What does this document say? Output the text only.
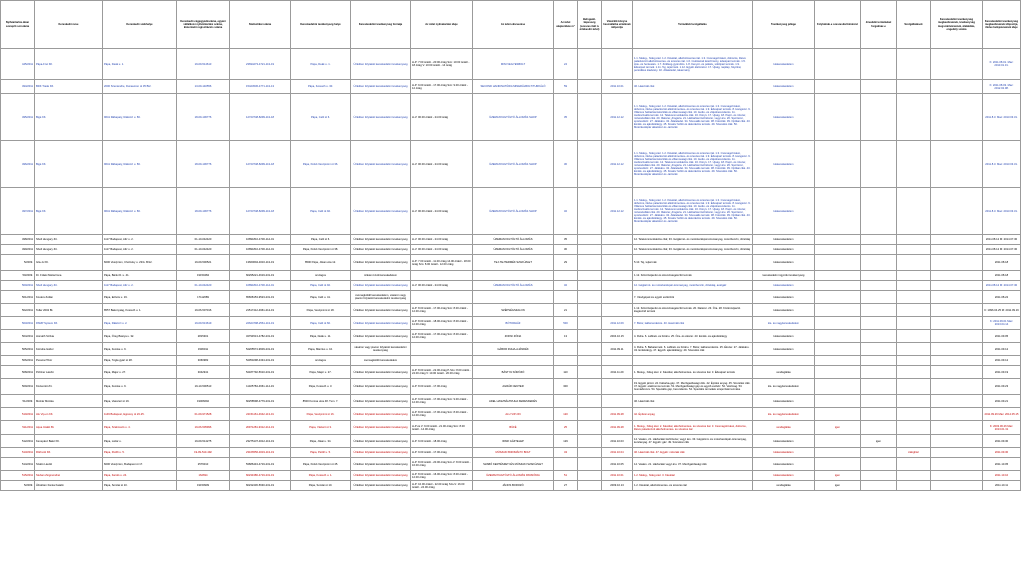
Nyilvántartás-ában szereplő sorszáma	Kereskedő neve	Kereskedő székhelye	Kereskedő cégjegyzékszáma, egyéni vállalkozó nyilvántartási száma, kistermelő regisztrációs száma	Statisztikai száma	Kereskedelmi tevékenység helye	Kereskedelmi tevékenység formája	Az üzlet nyitvatartási ideje	Az üzlet elnevezése	Az üzlet alapterülete m²	Befogadó-képesség (szeszes italt is értékesítő üzlet)	Vásárlók könyve használatba vételének időpontja	Termékkör/szolgáltatás	Tevékenység jellege	Folytatnak-e szeszesital kimérést	Jövedéki termékeket forgalmaz-e	Szolgáltatások	Kereskedelmi tevékenység megkezdésének, tevékenység megszüntetésének, átalakítás, engedély száma	Kereskedelmi tevékenység megkezdésének időpontja, illetve befejezésének ideje
445/2011	Pápa-Frut Kft.	Pápa, Deák u. 1.	19-09-514613	23694273-4721-113-19	Pápa, Deák u. 1.	Üzletben folytatott kereskedelmi tevékenység	H-P: 7:00 órától - 20:00 óráig Szo: 10:00 órától - 18 óráig V: 10:00 órától - 14 óráig	MINI VEGYESBOLT	24			1.1. Meleg-, hideg étel. 1.2. Kávéital, alkoholmentes ital. 1.3. Csomagolt kávé, dobozos, illetve palackozott alkoholmentes- és szeszes ital. 1.6. Cukrászati készítmény, édesipari termék. 1.5. Hús- és hentesáru. 1.7. Zöldség-gyümölcs. 1.8. Kenyér- és pékáru, sütőipari termék. 1.9. Édesipari termék. 1.11. Tej, tejtermék. 1.12. Egyéb élelmiszer. 17. Újság, napilap, folyóirat, periodikus kiadvány. 32. Állateledel, takarmány	kiskereskedelem					K: 2011.08.01. Mac: 2013.01.31.
494/2011	BDK Trade Kft.	2000 Szentendre, Dunasoron út 35 B/2.	13-09-140556	15424536-4771-113-13	Pápa, Kossuth u. 30.	Üzletben folytatott kereskedelmi tevékenység	H-P: 9.00 órától - 17.00 óráig Szo: 9.00 órától - 12 óráig	SECOND HAND/NATÚRIA MINERÁLBOLT/TURKÁLÓ	59		2011.10.01	46. Használt cikk	kiskereskedelem					K: 2011.08.03. Mac: 2012.02.08.
495/2011	Bigé Kft.	9641 Rábapaty, Rákóczi u. 83.	18-09-106776	12723748-8299-113-18	Pápa, Celli út 6.	Üzletben folytatott kereskedelmi tevékenység	H-V: 00.00 órától - 24.00 óráig	ÜZEMANYAGTÖLTŐ ÁLLOMÁS SHOP	35		2011.12.12	1.1. Meleg-, hideg étel. 1.2. Kávéital, alkoholmentes és szeszes ital. 1.3. Csomagolt kávé, dobozos, illetve palackozott alkoholmentes- és szeszes ital. 1.9. Édesipari termék. 8. Hangszer. 9. Villamos háztartási készülék és villamossági cikk. 10. Audio- és videoberendezés. 11. Audiovizuális termék. 12. Telekommunikációs cikk. 16. Könyv. 17. Újság. 18. Papír- és írószer, művészellátó cikk. 20. Illatszer, drogéria. 21. Háztartási tisztítószer, vegyi áru. 26. Sportszer, sporteszköz. 27. Játékáru. 32. Állateledel. 34. Szexuális termék. 38. Fotócikk. 39. Optikai cikk. 43. Emlék- és ajándéktárgy. 45. Kreatív hobbi és dekorációs termék. 49. Szerelési cikk. 50. Motorkerékpár alkatrész és -tartozék	kiskereskedelem					2011.8.3. Mac: 2013.03.31.
496/2011	Bigé Kft.	9641 Rábapaty, Rákóczi u. 83.	18-09-106776	12723748-8299-113-18	Pápa, Külső Veszprémi út 36.	Üzletben folytatott kereskedelmi tevékenység	H-V: 00.00 órától - 24.00 óráig	ÜZEMANYAGTÖLTŐ ÁLLOMÁS SHOP	30		2011.12.12	1.1. Meleg-, hideg étel. 1.2. Kávéital, alkoholmentes és szeszes ital. 1.3. Csomagolt kávé, dobozos, illetve palackozott alkoholmentes- és szeszes ital. 1.9. Édesipari termék. 8. Hangszer. 9. Villamos háztartási készülék és villamossági cikk. 10. Audio- és videoberendezés. 11. Audiovizuális termék. 12. Telekommunikációs cikk. 16. Könyv. 17. Újság. 18. Papír- és írószer, művészellátó cikk. 20. Illatszer, drogéria. 21. Háztartási tisztítószer, vegyi áru. 26. Sportszer, sporteszköz. 27. Játékáru. 32. Állateledel. 34. Szexuális termék. 38. Fotócikk. 39. Optikai cikk. 43. Emlék- és ajándéktárgy. 45. Kreatív hobbi és dekorációs termék. 49. Szerelési cikk. 50. Motorkerékpár alkatrész és -tartozék	kiskereskedelem					2011.8.3. Mac: 2013.03.31.
497/2011	Bigé Kft.	9641 Rábapaty, Rákóczi u. 83.	18-09-106776	12723748-8299-113-18	Pápa, Celli út 92.	Üzletben folytatott kereskedelmi tevékenység	H-V: 00.00 órától - 24.00 óráig	ÜZEMANYAGTÖLTŐ ÁLLOMÁS SHOP	32		2011.12.12	1.1. Meleg-, hideg étel. 1.2. Kávéital, alkoholmentes és szeszes ital. 1.3. Csomagolt kávé, dobozos, illetve palackozott alkoholmentes- és szeszes ital. 1.9. Édesipari termék. 8. Hangszer. 9. Villamos háztartási készülék és villamossági cikk. 10. Audio- és videoberendezés. 11. Audiovizuális termék. 12. Telekommunikációs cikk. 16. Könyv. 17. Újság. 18. Papír- és írószer, művészellátó cikk. 20. Illatszer, drogéria. 21. Háztartási tisztítószer, vegyi áru. 26. Sportszer, sporteszköz. 27. Játékáru. 32. Állateledel. 34. Szexuális termék. 38. Fotócikk. 39. Optikai cikk. 43. Emlék- és ajándéktárgy. 45. Kreatív hobbi és dekorációs termék. 49. Szerelési cikk. 50. Motorkerékpár alkatrész és -tartozék	kiskereskedelem					2011.8.3. Mac: 2013.03.31.
498/2011	Shell Hungary Zrt.	1117 Budapest, Alíz u. 2.	01-10-042420	10891810-4730-114-01	Pápa, Celli út 6.	Üzletben folytatott kereskedelmi tevékenység	H-V: 00.00 órától - 24.00 óráig	ÜZEMANYAGTÖLTŐ ÁLLOMÁS	35			12. Telekommunikációs cikk; 33. Gépjármű- és motorkerékpár-üzemanyag, motorbenzin, dízelolaj	kiskereskedelem					2011.08.12 M: 2014.07.30
499/2011	Shell Hungary Zrt.	1117 Budapest, Alíz u. 2.	01-10-042420	10891810-4730-114-01	Pápa, Külső Veszprémi út 38.	Üzletben folytatott kereskedelmi tevékenység	H-V: 00.00 órától - 24.00 óráig	ÜZEMANYAGTÖLTŐ ÁLLOMÁS	30			12. Telekommunikációs cikk; 33. Gépjármű- és motorkerékpár-üzemanyag, motorbenzin, dízelolaj	kiskereskedelem					2011.08.12 M: 2014.07.30
5/2009.	GG+G Kft.	8200 Veszprém, Cholnoky u. 23/A. B/12.	19-09-500521	13660694-4616-113-19	8500 Pápa, Jókai utca 12.	Üzletben folytatott kereskedelmi tevékenység	H-P: 7.00 órától - 11.00 óráig 14.00 órától - 18.00 óráig Szo: 8.00 órától - 12.00 óráig	TEJ-TEJTERMÉK SZAKÜZLET	29			5.10. Tej, tejtermék	kiskereskedelem					2011.08.18
50/2009.	Dr. Füleki Mária Ilona	Pápa, Bánki D. u. 41.	19150484	60295221-4619-231-19	országos	üzleten kívüli kereskedelem						1.12. Közérzetjavító és étrend-kiegészítő termék	kereskedelmi ügynöki tevékenység					2011.08.18
500/2011	Shell Hungary Zrt.	1117 Budapest, Alíz u. 2.	01-10-042420	10891810-4730-114-01	Pápa, Celli út 92.	Üzletben folytatott kereskedelmi tevékenység	H-V: 00.00 órától - 24.00 óráig	ÜZEMANYAGTÖLTŐ ÁLLOMÁS	32			12. Gépjármű- és motorkerékpár-üzemanyag, motorbenzin, dízelolaj, autógáz	kiskereskedelem					2011.08.12 M: 2014.07.30
501/2011	Kovács Zoltán	Pápa, Eötvös u. 19.	17112689	65668153-9523-231-19	Pápa, Celli u. 41.	csomagküldő kereskedelem, vásáron vagy piacon folytatott kereskedelmi tevékenység						7. Vésőgépek és egyéb eszközök	kiskereskedelem					2011.08.22
502/2011	Teller 2002 Bt.	8557 Bakonyság, Kossuth u. 1.	19-06-507016	21517412-4961-212-19	Pápa, Veszprémi út 18.	Üzletben folytatott kereskedelmi tevékenység	H-P: 8.00 órától - 17.00 óráig Szo: 8.00 órától - 12.00 óráig	SZÉPSÉGSZALON	21			1.12. Közérzetjavító és étrend-kiegészítő termék. 20. Illatszer. 23. Óra. 28. Közérzetjavító kiegészítő termék	kiskereskedelem					K: 1996.04.25 M: 2011.09.16
503/2011	PAMP System Kft.	Pápa, Rákóczi u. 2.	19-09-513619	22624798-2561-113-19	Pápa, Celli út 60.	Üzletben folytatott kereskedelmi tevékenység	H-P: 8.00 órától - 18.00 óráig Szo: 8.00 órától - 12.00 óráig	BŐTORHÁZ	500		2011.12.09	7. Bútor, lakberendezés. 40. Használt cikk	kis- és nagykereskedelem					K: 2011.09.01 Mac: 2013.04.14
504/2011	Horváth Szilvia	Pápa, Öreg Bástya u. 32.	2815301	34794513-4782-231-19	Pápa, Deák u. 11.	Üzletben folytatott kereskedelmi tevékenység	H-P: 8.00 órától - 17.00 óráig Szo: 8.00 órától - 12.00 óráig	ZOKNI ZÓNA	13		2004.10.15	4. Ruha. 6. Lábbeli- és bőráru. 25. Óra- és ékszer. 43. Emlék- és ajándéktárgy	kiskereskedelem					2011.09.05
505/2011	Kotruba Gábor	Pápa, Fecske u. 9.	3336011	54265574-9609-231-19	Pápa, Március u. 10.	vásáron vagy piacon folytatott kereskedelmi tevékenység		GÁBOR RUHA-AJÁNDÉK			2011.09.11	4. Ruha. 5. Babatermék. 6. Lábbeli- és bőráru. 7. Bútor, lakberendezés. 25. Ékszer. 27. Játékáru. 43. Emléktárgy. 47. Egyéb: ajándéktárgy. 49. Szerelési cikk	kiskereskedelem					2011.09.12
506/2011	Pusszai Tibor	Pápa, Tégla gyári út 28.	3060982	54053298-4334-231-19	országos	csomagküldő kereskedelem												2011.09.12
508/2011	Pohlner László	Pápa, Major u. 27.	3042941	54187792-5610-231-19	Pápa, Major u. 27.	Üzletben folytatott kereskedelmi tevékenység	H-P: 8.00 órától - 22.00 óráig P-Szo: 8.00 órától - 24.00 óráig V: 10.00 órától - 20.00 óráig	BÁSTYA SÖRÖZŐ	110		2011.11.29	1. Meleg-, hideg étel. 2. Kávéital, alkoholmentes- és szeszes ital. 3. Édesipari termék	vendéglátás					2011.09.19
509/2011	Kiszemlét Zrt.	Pápa, Fecske u. 9.	19-10-500513	11325784-4661-114-19	Pápa, Kossuth u. 3.	Üzletben folytatott kereskedelmi tevékenység	H-P: 8.00 órától - 17.00 óráig	AGRÁR CENTER	300			19. Egyéb jármű. 24. Fabarka-gép. 37. Mezőgazdasági cikk. 42. Építési anyag. 45. Szerelési cikk. 47. Egyéb: elektromos termék. 51. Mezőgazdasági gép és egyéb eszköz. 52. Vetőmag. 53. Gumiabroncs. 54. Speciális gép, berendezés. 54. Speciális termékek szaporítási terméke	kis- és nagykereskedelem					2011.09.23
51/2009.	Molnár Mónika	Pápa, Vasszeri út 19.	19006692	60258598-4779-231-19	8500 Korona utca 48. Tum. 7.	Üzletben folytatott kereskedelmi tevékenység	H-P: 9.00 órától - 17.00 óráig Szo: 9.00 órától - 12.00 óráig	ADEL HASZNÁLTRUHA KERESKEDÉS				46. Használt cikk	kiskereskedelem					2011.09.21
510/2011	Alu Vip-on Kft.	1149 Budapest, Egressy út 23-25.	01-09-971528	22151161-4642-113-01	Pápa, Veszprémi út 16.	Üzletben folytatott kereskedelmi tevékenység	H-P: 8.00 órától - 17.00 óráig Szo: 8.00 órától - 12.00 óráig	ALU VIP-ON	120		2011.09.28	42. Építési anyag	kis- és nagykereskedelem					2011.09.26 Mac: 2014.05.15
511/2011	Aqua Intalkt Bt.	Pápa, Szabmazó u. 4.	19-06-505996	20971281-9312-212-19	Pápa, Várkert út 3.	Üzletben folytatott kereskedelmi tevékenység	H-P és V: 9.00 órától - 21.00 óráig Szo: 8.00 órától - 14.00 óráig	BÜFÉ	25		2011.09.28	1. Meleg-, hideg étel. 2. Kávéital, alkoholmentes- és szeszes ital. 3. Csomagolt kávé, dobozos, illetve palackozott alkoholmentes- és szeszes ital	vendéglátás	igen				K: 2003.06.26 Mac: 2013.01.31
512/2011	Kenepász Bakó Kft.	Pápa, Lázár u.	19-09-514275	23275137-4612-113-19	Pápa, Jókai u. 34.	Üzletben folytatott kereskedelmi tevékenység	H-P: 9.00 órától - 18.00 óráig	IPARI GÁZTELEP	129		2011.10.03	14. Vasáru, 21. Háztartási tisztítószer, vegyi áru. 33. Gépjármű- és motorkerékpár-üzemanyag, kenőanyag. 47. Egyéb: gáz. 49. Szerelési cikk	kiskereskedelem		igen			2011.09.30
513/2011	Rőrbu11 Kft.	Pápa, Petőfi u. 5.	19-09-513-492	23166556-4619-113-19	Pápa, Petőfi u. 5.	Üzletben folytatott kereskedelmi tevékenység	H-P: 9.00 órától - 17.00 óráig	MŰSZAKI BIZOMÁNYI BOLT	43		2011.10.04	46. Használt cikk. 47. Egyéb: műszaki cikk	kiskereskedelem			zálogház		2011.09.30
514/2011	Szabó László	8200 Veszprém, Budapest út 17.	2576010	53686443-4719-231-19	Pápa, Külső Veszprémi út 45.	Üzletben folytatott kereskedelmi tevékenység	H-P: 8.00 órától - 20.00 óráig Szo-V: 8.00 órától - 16.00 óráig	SZABÓ KERTÉSZETI ÉS MŰSZAKI SZAKÜZLET			2011.10.05	14. Vasáru. 21. Háztartási vegyi áru. 37. Mezőgazdasági cikk	kiskereskedelem					2011.10.05
515/2011	Stuban Zsigmondné	Pápa, Karoló u. 24.	162694	60234386-4719-231-19	Pápa, Kossuth u. 1.	Üzletben folytatott kereskedelmi tevékenység	H-P: 8.00 órától - 16.00 óráig Szo: 8.00 órától - 12.00 óráig	ÜZEMANYAGTÖLTŐ ÁLLOMÁS PANNÓNIA	51		2011.10.01	1.2. Meleg-, hideg étel. 3. Kávéital	kiskereskedelem	igen				2011.10.10
5/2009.	Ábrahám Ilonka Katalin	Pápa, Somlai út 10.	19150909	60232436-5630-231-19	Pápa, Somlai út 10.	Üzletben folytatott kereskedelmi tevékenység	H-P: 10.00 órától - 22.00 óráig Szo-V: 16.00 órától - 24.00 óráig	JÁNOS BOROZÓ	27		2009.10.13	1.2. Kávéital, alkoholmentes- és szeszes ital	vendéglátás	igen				2011.10.11
